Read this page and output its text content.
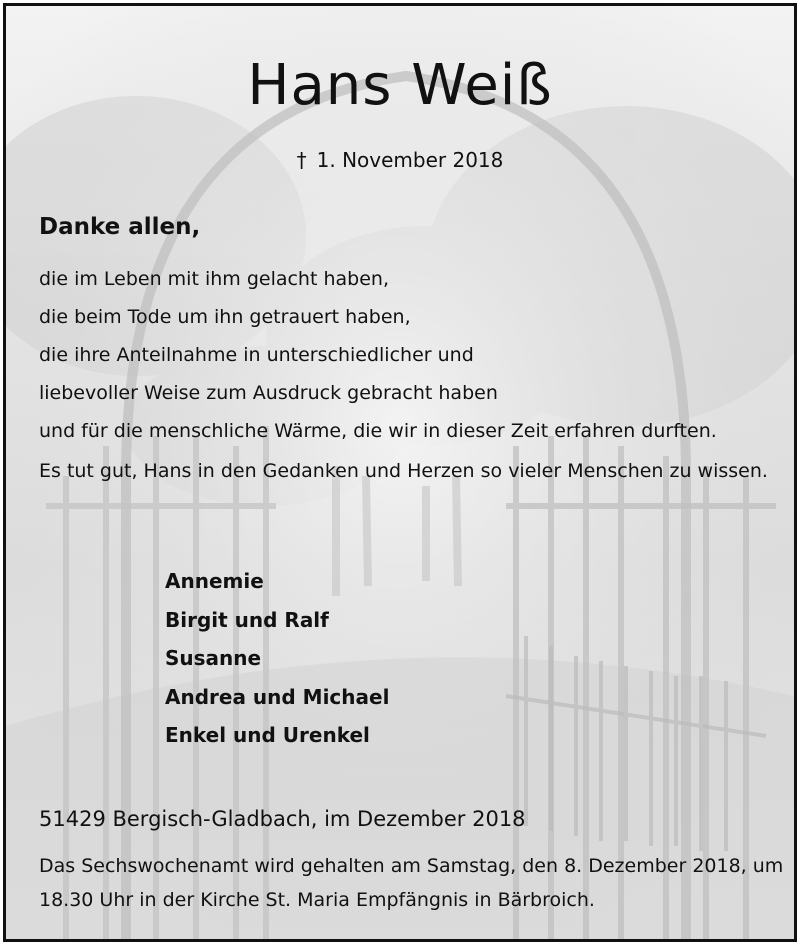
Hans Weiß
† 1. November 2018
Danke allen,
die im Leben mit ihm gelacht haben,
die beim Tode um ihn getrauert haben,
die ihre Anteilnahme in unterschiedlicher und
liebevoller Weise zum Ausdruck gebracht haben
und für die menschliche Wärme, die wir in dieser Zeit erfahren durften.
Es tut gut, Hans in den Gedanken und Herzen so vieler Menschen zu wissen.
Annemie
Birgit und Ralf
Susanne
Andrea und Michael
Enkel und Urenkel
51429 Bergisch-Gladbach, im Dezember 2018
Das Sechswochenamt wird gehalten am Samstag, den 8. Dezember 2018, um 18.30 Uhr in der Kirche St. Maria Empfängnis in Bärbroich.
